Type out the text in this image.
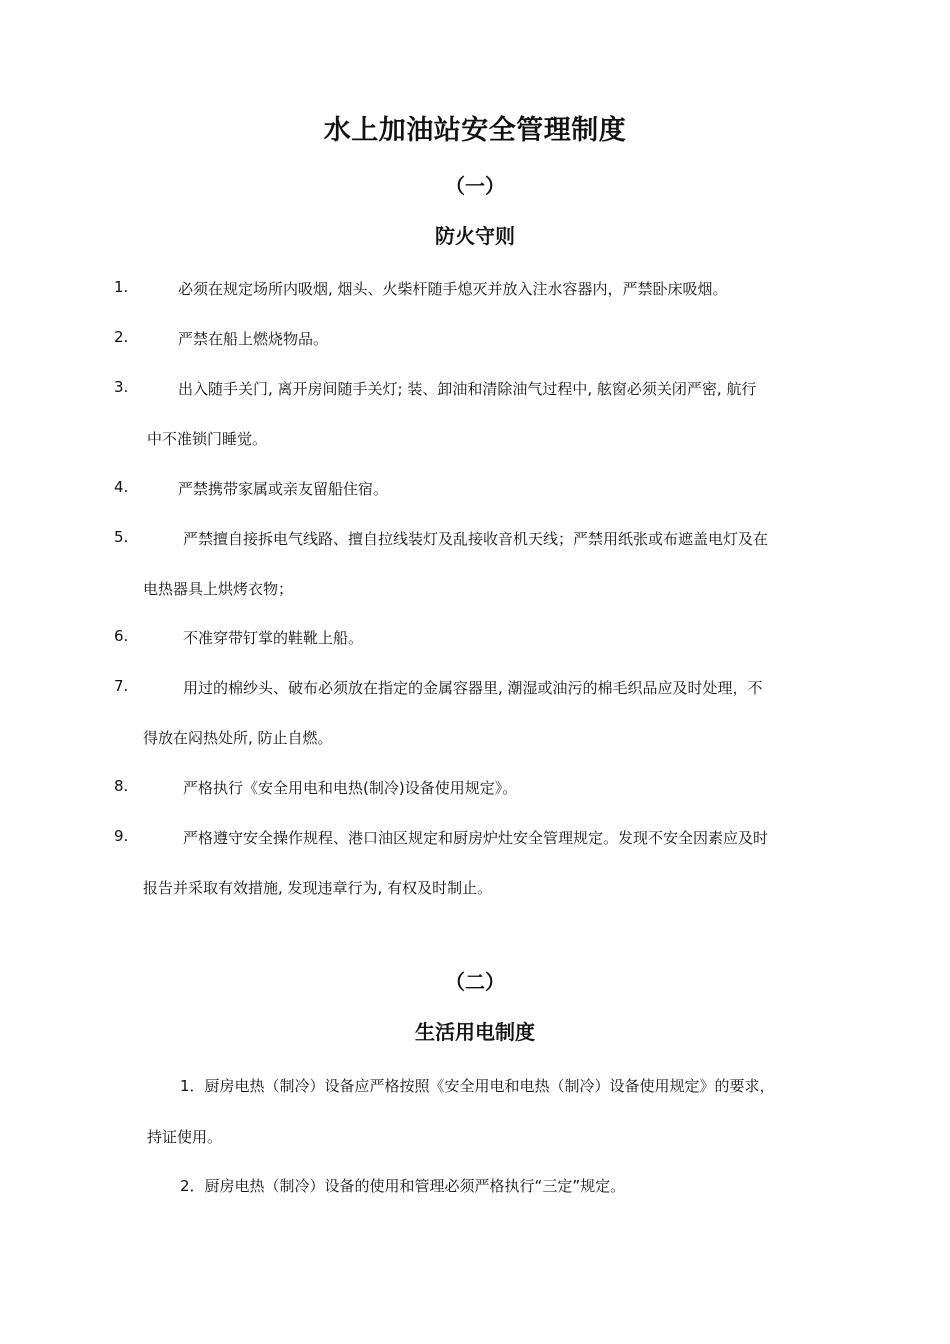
水上加油站安全管理制度
（一）
防火守则
1.	必须在规定场所内吸烟, 烟头、火柴杆随手熄灭并放入注水容器内，严禁卧床吸烟。
2.	严禁在船上燃烧物品。
3.	出入随手关门, 离开房间随手关灯; 装、卸油和清除油气过程中, 舷窗必须关闭严密, 航行
中不准锁门睡觉。
4.	严禁携带家属或亲友留船住宿。
5.	严禁擅自接拆电气线路、擅自拉线装灯及乱接收音机天线；严禁用纸张或布遮盖电灯及在
电热器具上烘烤衣物；
6.	不准穿带钉掌的鞋靴上船。
7.	用过的棉纱头、破布必须放在指定的金属容器里, 潮湿或油污的棉毛织品应及时处理，不
得放在闷热处所, 防止自燃。
8.	严格执行《安全用电和电热(制冷)设备使用规定》。
9.	严格遵守安全操作规程、港口油区规定和厨房炉灶安全管理规定。发现不安全因素应及时
报告并采取有效措施, 发现违章行为, 有权及时制止。
（二）
生活用电制度
1．厨房电热（制冷）设备应严格按照《安全用电和电热（制冷）设备使用规定》的要求，
持证使用。
2．厨房电热（制冷）设备的使用和管理必须严格执行“三定”规定。
